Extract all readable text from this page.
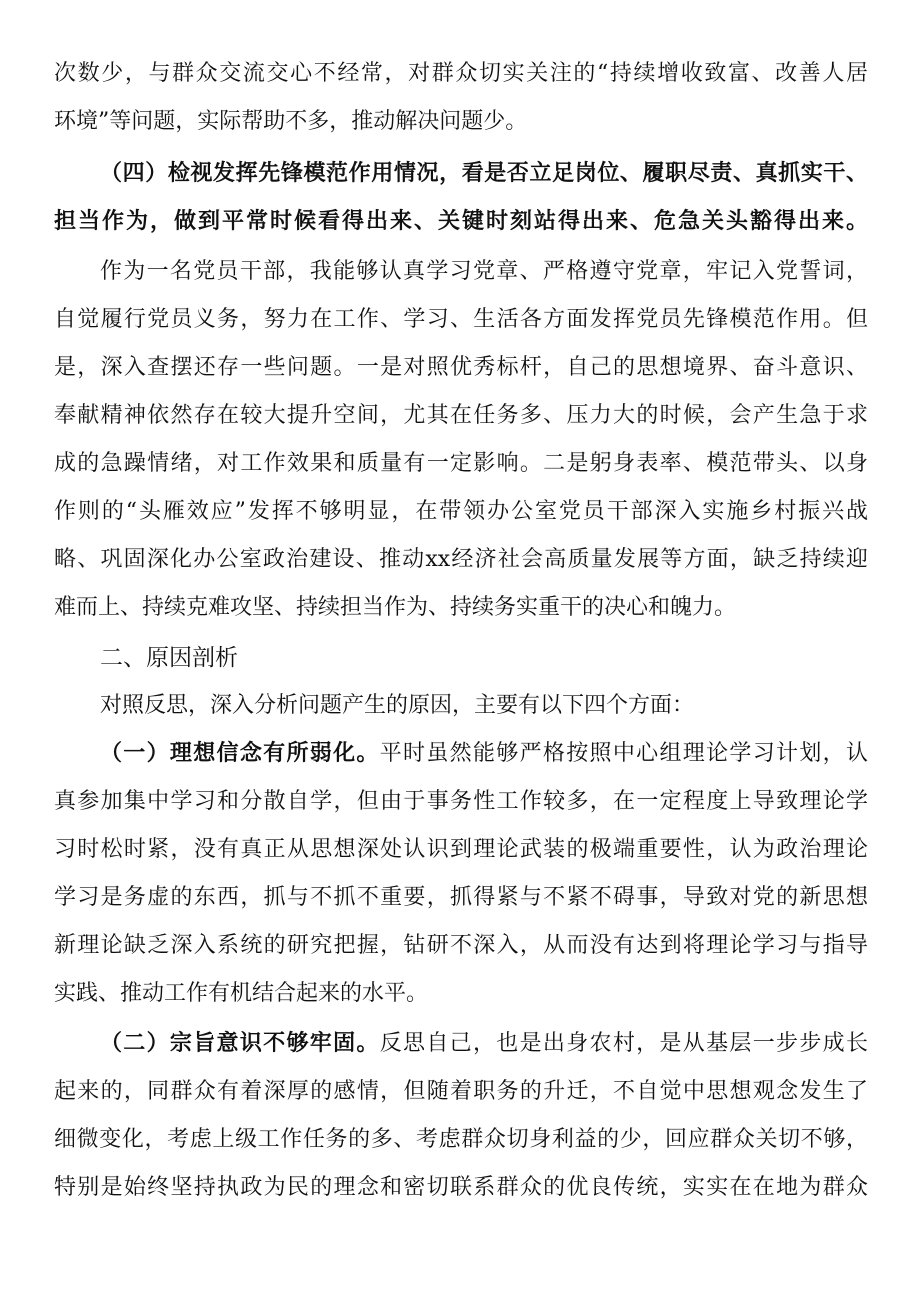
次数少，与群众交流交心不经常，对群众切实关注的“持续增收致富、改善人居
环境”等问题，实际帮助不多，推动解决问题少。
（四）检视发挥先锋模范作用情况，看是否立足岗位、履职尽责、真抓实干、
担当作为，做到平常时候看得出来、关键时刻站得出来、危急关头豁得出来。
作为一名党员干部，我能够认真学习党章、严格遵守党章，牢记入党誓词，
自觉履行党员义务，努力在工作、学习、生活各方面发挥党员先锋模范作用。但
是，深入查摆还存一些问题。一是对照优秀标杆，自己的思想境界、奋斗意识、
奉献精神依然存在较大提升空间，尤其在任务多、压力大的时候，会产生急于求
成的急躁情绪，对工作效果和质量有一定影响。二是躬身表率、模范带头、以身
作则的“头雁效应”发挥不够明显，在带领办公室党员干部深入实施乡村振兴战
略、巩固深化办公室政治建设、推动xx经济社会高质量发展等方面，缺乏持续迎
难而上、持续克难攻坚、持续担当作为、持续务实重干的决心和魄力。
二、原因剖析
对照反思，深入分析问题产生的原因，主要有以下四个方面：
（一）理想信念有所弱化。平时虽然能够严格按照中心组理论学习计划，认
真参加集中学习和分散自学，但由于事务性工作较多，在一定程度上导致理论学
习时松时紧，没有真正从思想深处认识到理论武装的极端重要性，认为政治理论
学习是务虚的东西，抓与不抓不重要，抓得紧与不紧不碍事，导致对党的新思想
新理论缺乏深入系统的研究把握，钻研不深入，从而没有达到将理论学习与指导
实践、推动工作有机结合起来的水平。
（二）宗旨意识不够牢固。反思自己，也是出身农村，是从基层一步步成长
起来的，同群众有着深厚的感情，但随着职务的升迁，不自觉中思想观念发生了
细微变化，考虑上级工作任务的多、考虑群众切身利益的少，回应群众关切不够，
特别是始终坚持执政为民的理念和密切联系群众的优良传统，实实在在地为群众
